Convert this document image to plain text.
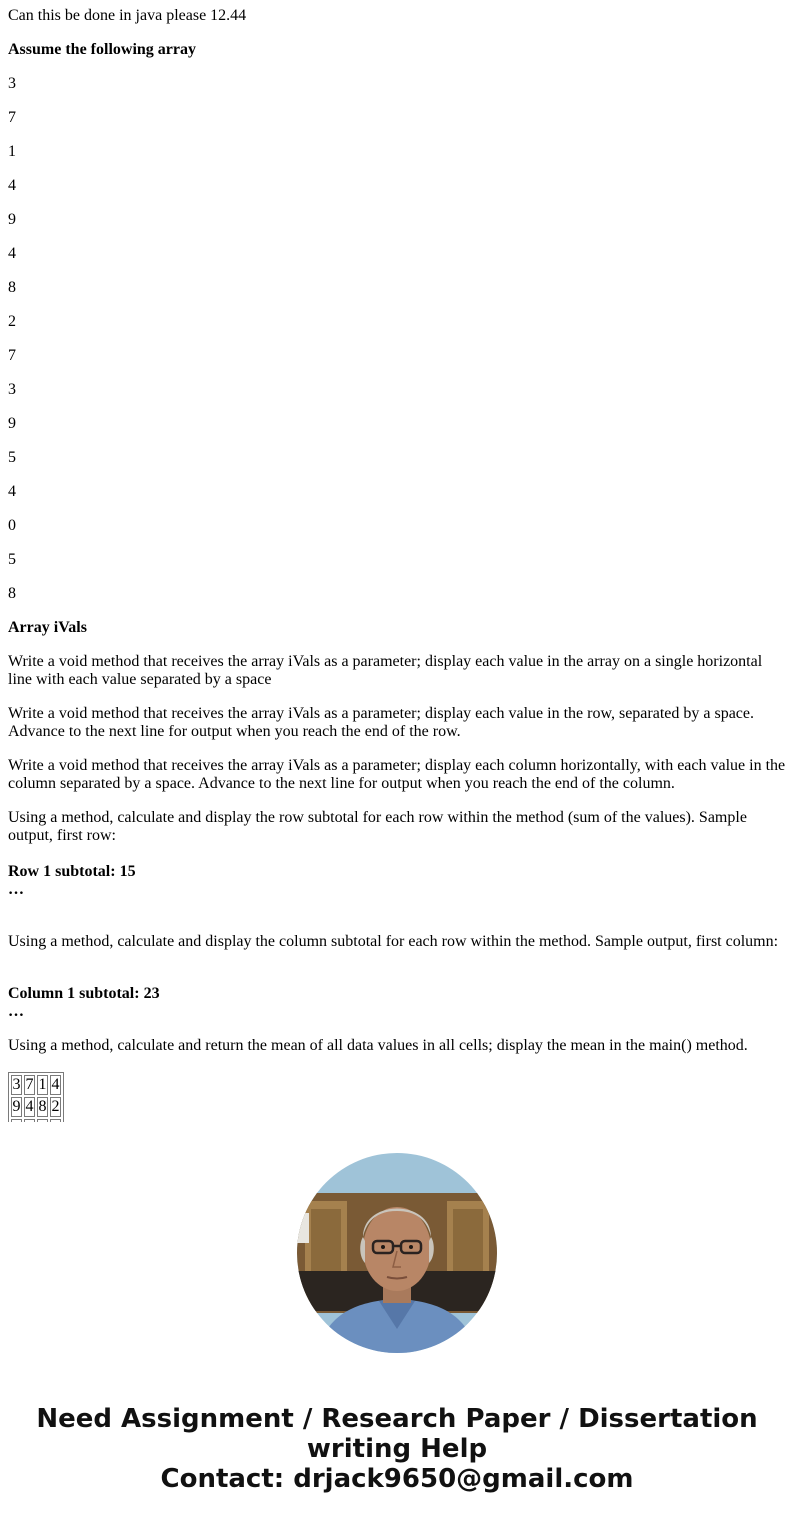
Can this be done in java please 12.44
Assume the following array
3
7
1
4
9
4
8
2
7
3
9
5
4
0
5
8
Array iVals

Write a void method that receives the array iVals as a parameter; display each value in the array on a single horizontal line with each value separated by a space

Write a void method that receives the array iVals as a parameter; display each value in the row, separated by a space. Advance to the next line for output when you reach the end of the row.

Write a void method that receives the array iVals as a parameter; display each column horizontally, with each value in the column separated by a space. Advance to the next line for output when you reach the end of the column.

Using a method, calculate and display the row subtotal for each row within the method (sum of the values). Sample output, first row:

Row 1 subtotal: 15
…

Using a method, calculate and display the column subtotal for each row within the method. Sample output, first column:

Column 1 subtotal: 23
…

Using a method, calculate and return the mean of all data values in all cells; display the mean in the main() method.

3	7	1	4
9	4	8	2

Need Assignment / Research Paper / Dissertation
writing Help
Contact: drjack9650@gmail.com
